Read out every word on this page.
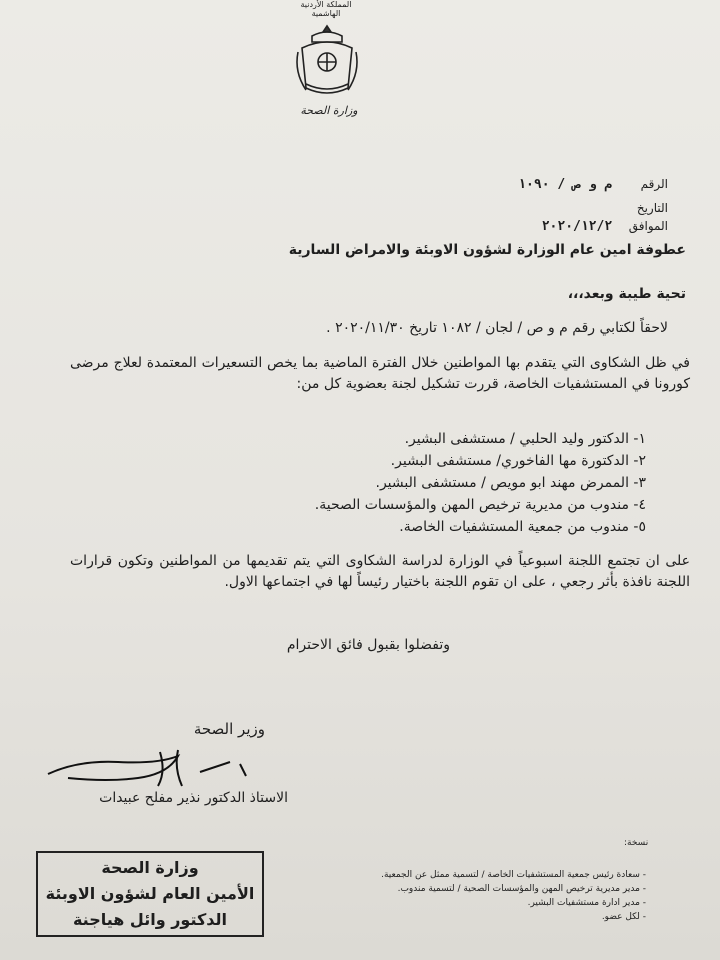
المملكة الأردنية الهاشمية
وزارة الصحة
الرقم م و ص / ١٠٩٠
التاريخ
الموافق ٢٠٢٠/١٢/٢
عطوفة امين عام الوزارة لشؤون الاوبئة والامراض السارية
تحية طيبة وبعد،،،
لاحقاً لكتابي رقم م و ص / لجان / ١٠٨٢ تاريخ ٢٠٢٠/١١/٣٠ .
في ظل الشكاوى التي يتقدم بها المواطنين خلال الفترة الماضية بما يخص التسعيرات المعتمدة لعلاج مرضى كورونا في المستشفيات الخاصة، قررت تشكيل لجنة بعضوية كل من:
١- الدكتور وليد الحلبي / مستشفى البشير.
٢- الدكتورة مها الفاخوري/ مستشفى البشير.
٣- الممرض مهند ابو مويص / مستشفى البشير.
٤- مندوب من مديرية ترخيص المهن والمؤسسات الصحية.
٥- مندوب من جمعية المستشفيات الخاصة.
على ان تجتمع اللجنة اسبوعياً في الوزارة لدراسة الشكاوى التي يتم تقديمها من المواطنين وتكون قرارات اللجنة نافذة بأثر رجعي ، على ان تقوم اللجنة باختيار رئيساً لها في اجتماعها الاول.
وتفضلوا بقبول فائق الاحترام
وزير الصحة
الاستاذ الدكتور نذير مفلح عبيدات
وزارة الصحة
الأمين العام لشؤون الاوبئة
الدكتور وائل هياجنة
نسخة:
- سعادة رئيس جمعية المستشفيات الخاصة / لتسمية ممثل عن الجمعية.
- مدير مديرية ترخيص المهن والمؤسسات الصحية / لتسمية مندوب.
- مدير ادارة مستشفيات البشير.
- لكل عضو.
